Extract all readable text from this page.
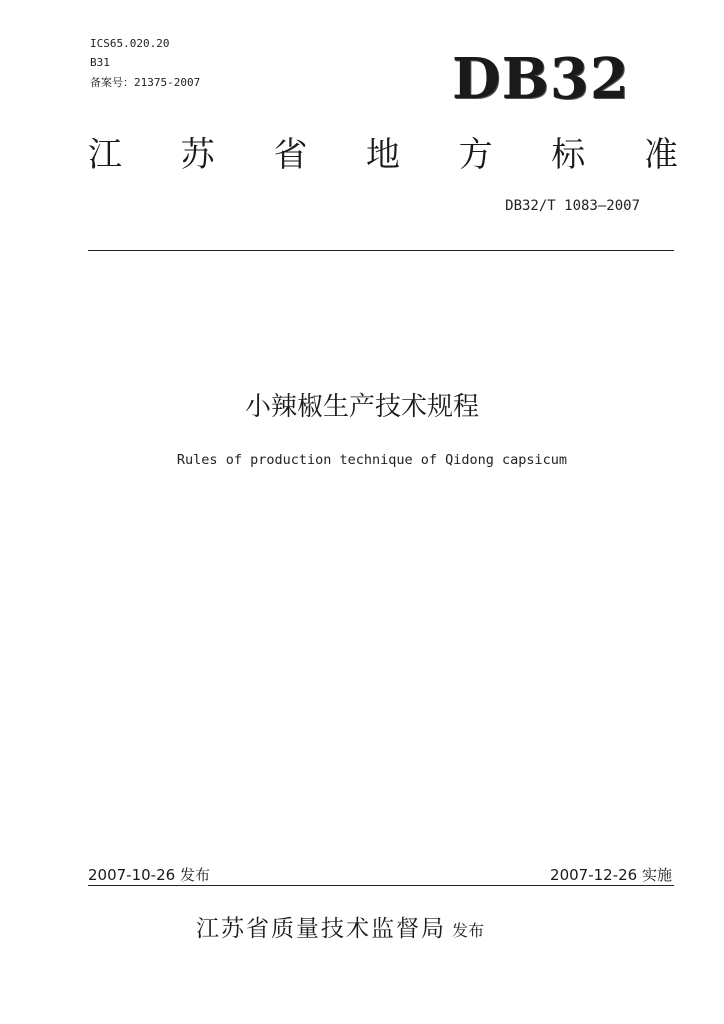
ICS65.020.20
B31
备案号：21375-2007	DB32
江 苏 省 地 方 标 准
DB32/T 1083—2007
小辣椒生产技术规程
Rules of production technique of Qidong capsicum
2007-10-26 发布	2007-12-26 实施
江苏省质量技术监督局 发布
